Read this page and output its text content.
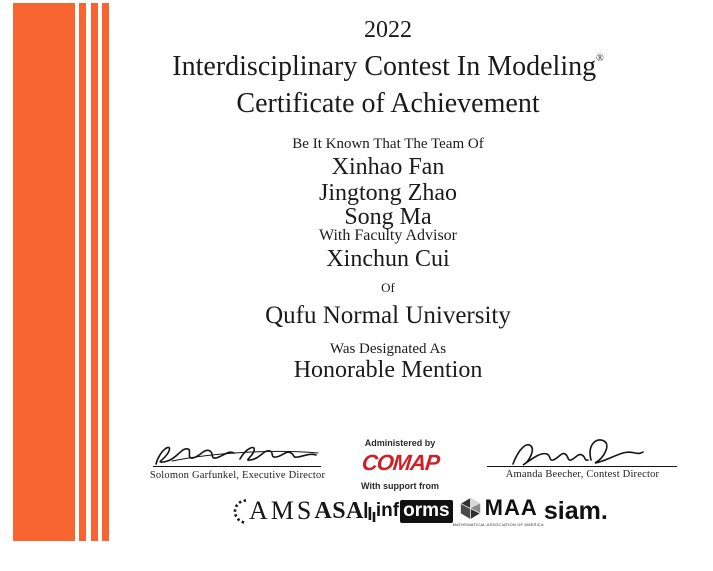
2022
Interdisciplinary Contest In Modeling®
Certificate of Achievement
Be It Known That The Team Of
Xinhao Fan
Jingtong Zhao
Song Ma
With Faculty Advisor
Xinchun Cui
Of
Qufu Normal University
Was Designated As
Honorable Mention
Solomon Garfunkel, Executive Director
Administered by
COMAP
With support from
Amanda Beecher, Contest Director
AMS ASA inf orms MAA
MATHEMATICAL ASSOCIATION OF AMERICA siam.
